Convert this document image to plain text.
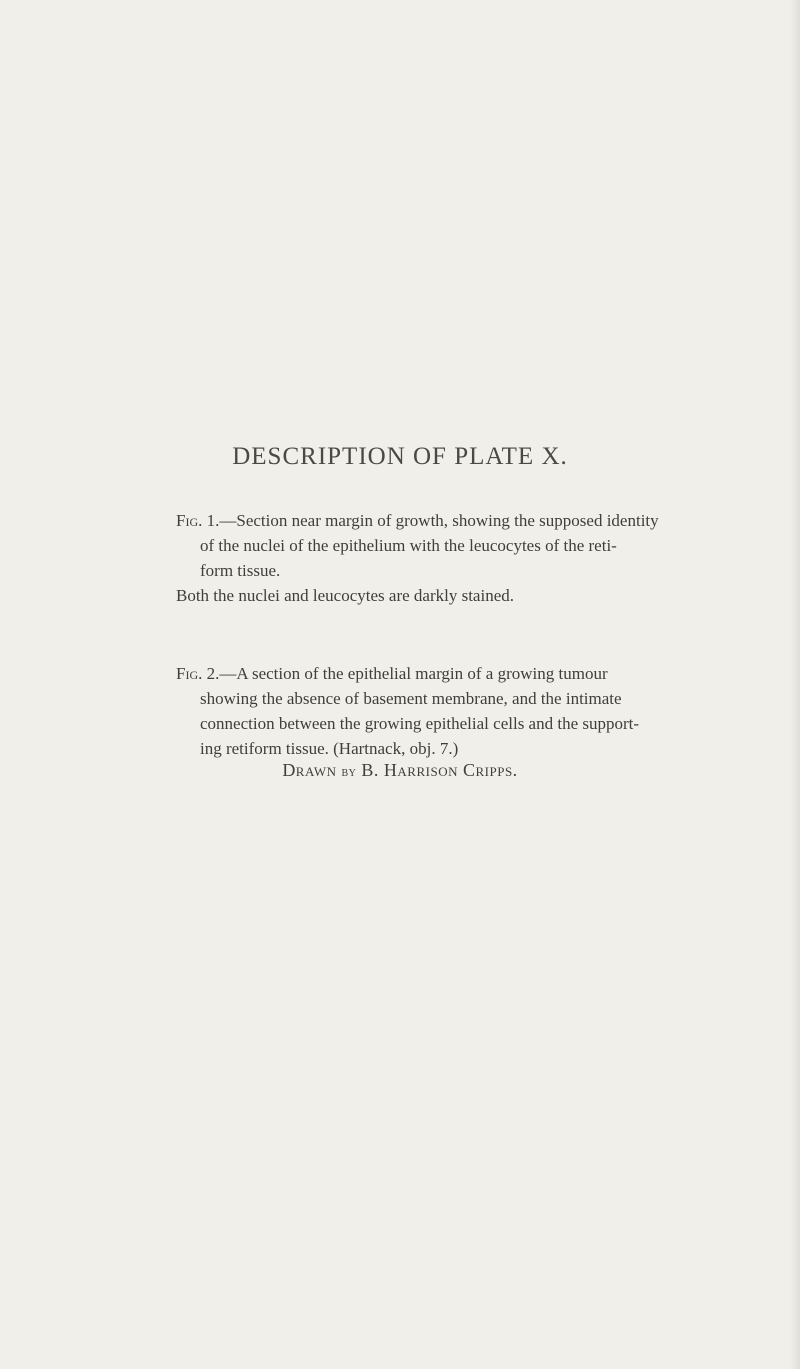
DESCRIPTION OF PLATE X.
Fig. 1.—Section near margin of growth, showing the supposed identity
of the nuclei of the epithelium with the leucocytes of the reti-
form tissue.
Both the nuclei and leucocytes are darkly stained.
Fig. 2.—A section of the epithelial margin of a growing tumour
showing the absence of basement membrane, and the intimate
connection between the growing epithelial cells and the support-
ing retiform tissue. (Hartnack, obj. 7.)
Drawn by B. Harrison Cripps.
